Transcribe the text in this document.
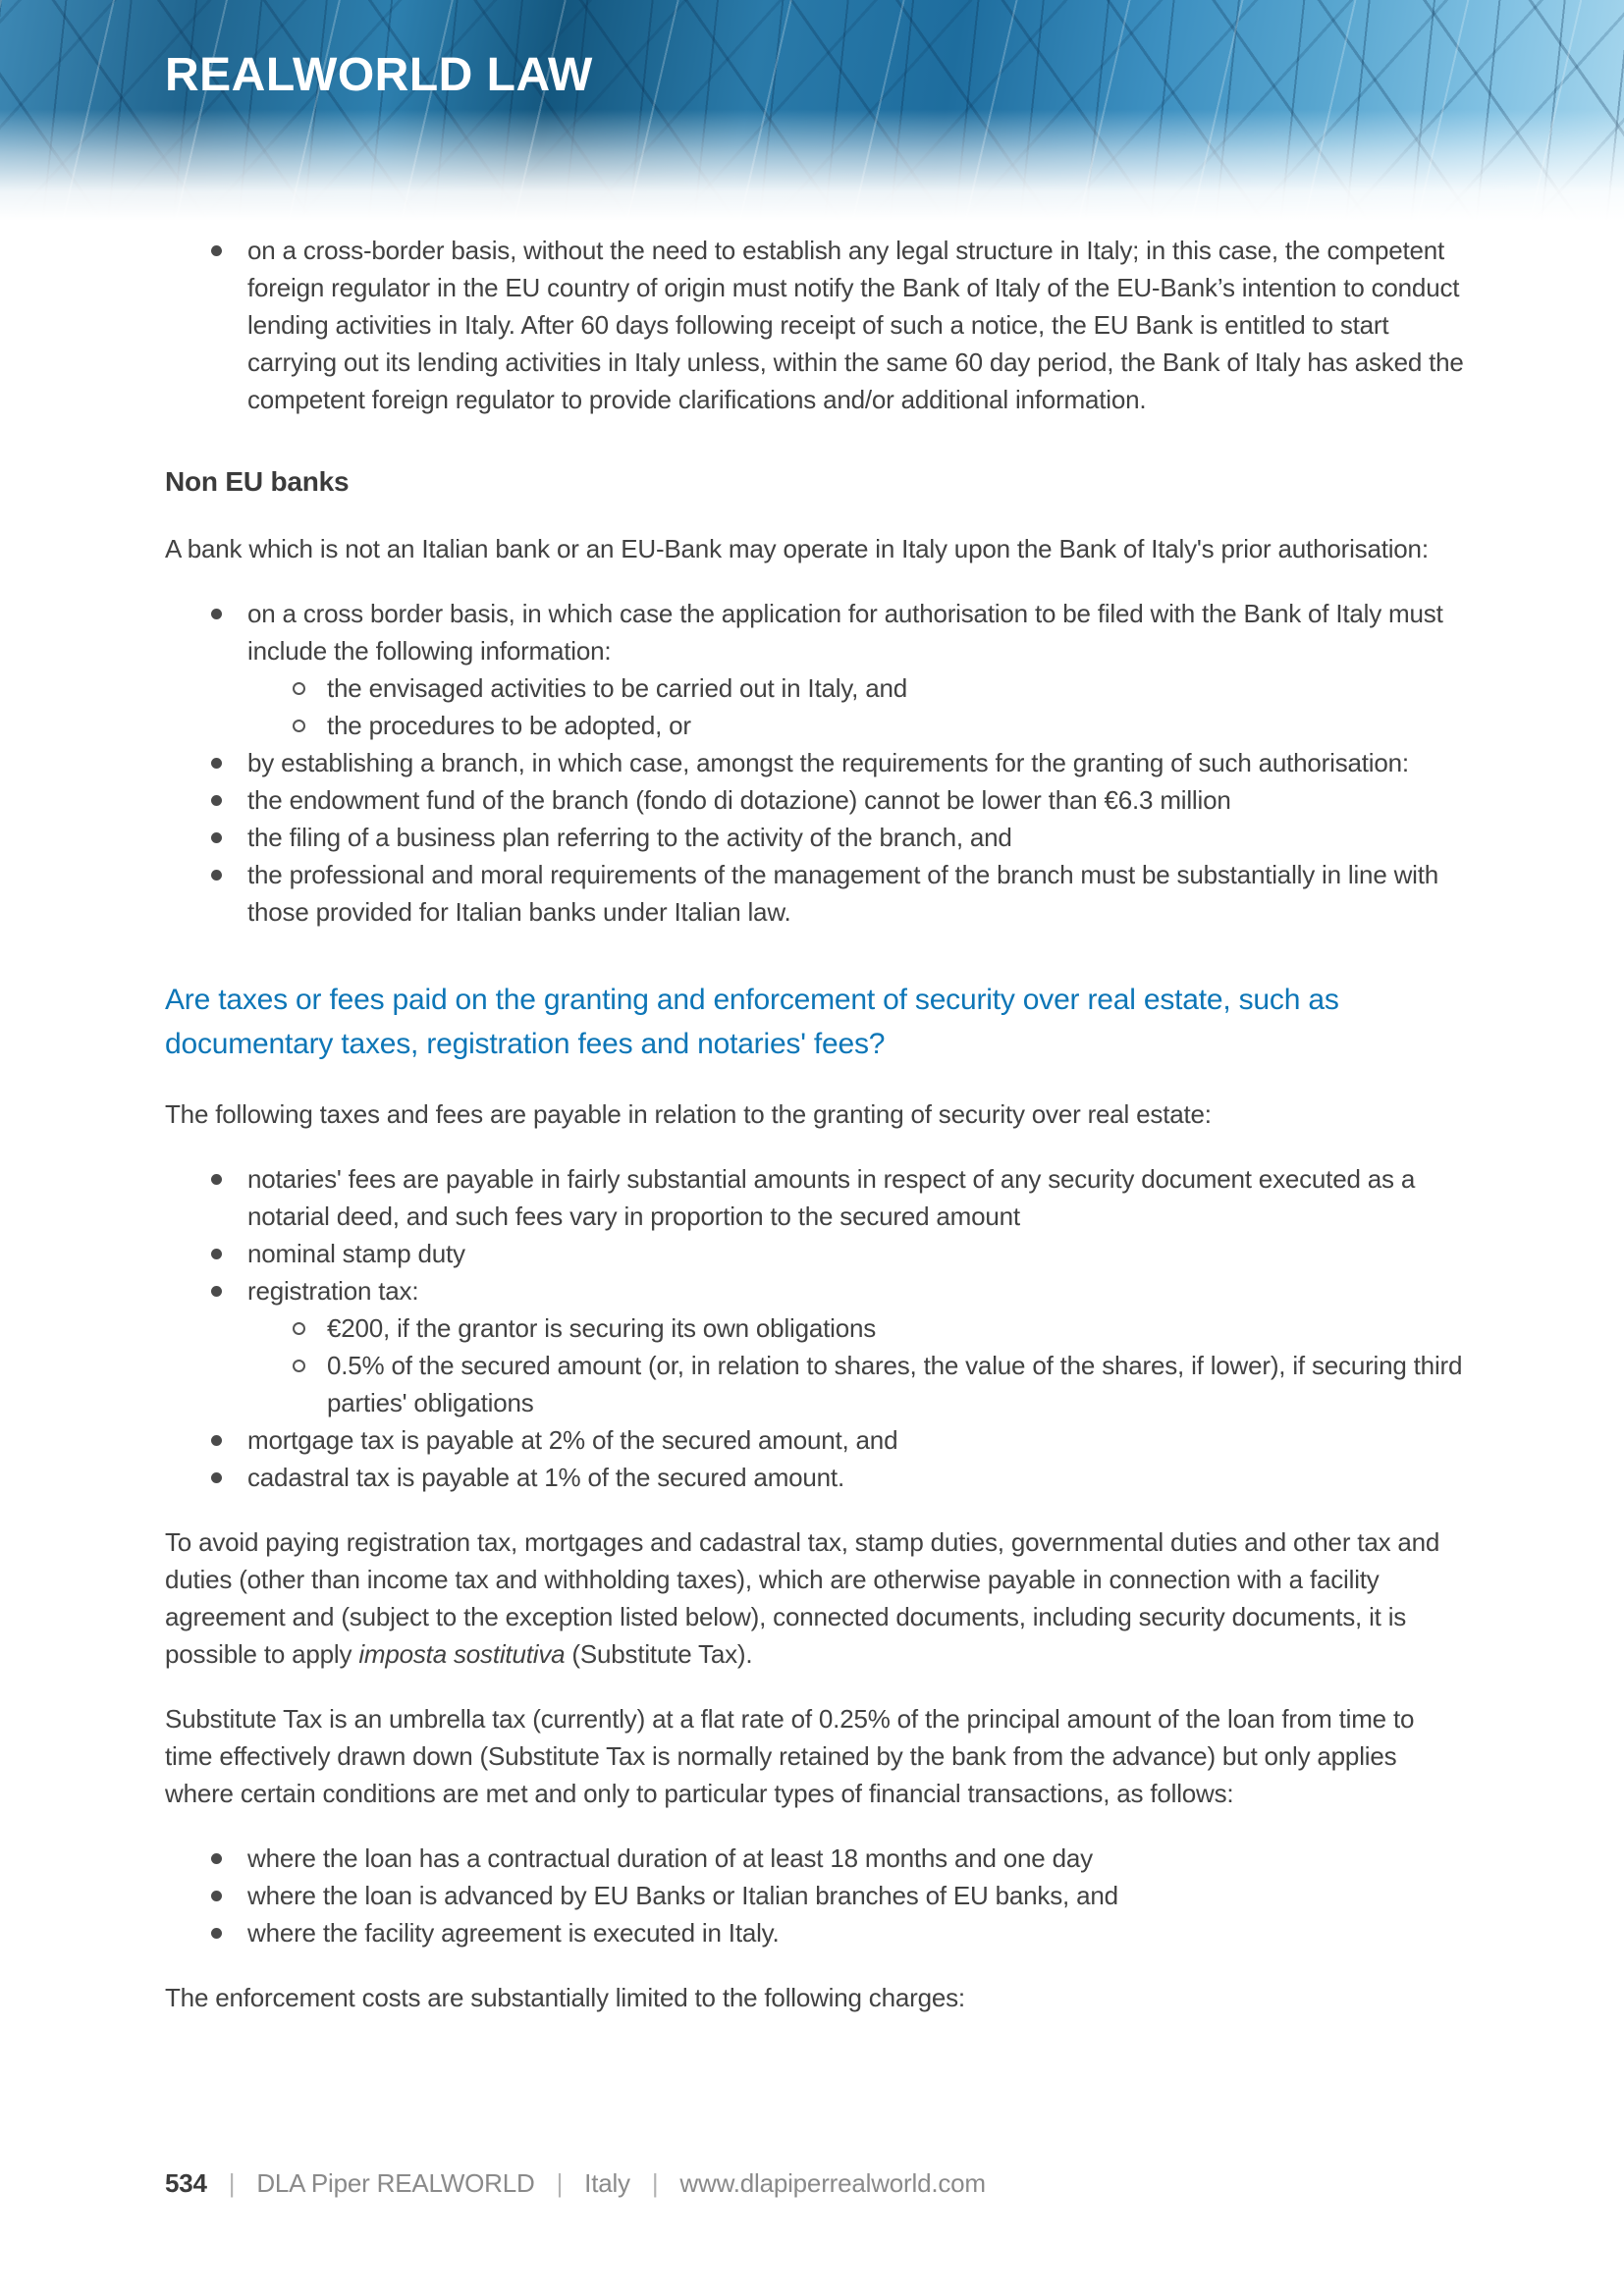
REALWORLD LAW
on a cross-border basis, without the need to establish any legal structure in Italy; in this case, the competent foreign regulator in the EU country of origin must notify the Bank of Italy of the EU-Bank’s intention to conduct lending activities in Italy. After 60 days following receipt of such a notice, the EU Bank is entitled to start carrying out its lending activities in Italy unless, within the same 60 day period, the Bank of Italy has asked the competent foreign regulator to provide clarifications and/or additional information.
Non EU banks

A bank which is not an Italian bank or an EU-Bank may operate in Italy upon the Bank of Italy's prior authorisation:

on a cross border basis, in which case the application for authorisation to be filed with the Bank of Italy must include the following information:
the envisaged activities to be carried out in Italy, and
the procedures to be adopted, or
by establishing a branch, in which case, amongst the requirements for the granting of such authorisation:
the endowment fund of the branch (fondo di dotazione) cannot be lower than €6.3 million
the filing of a business plan referring to the activity of the branch, and
the professional and moral requirements of the management of the branch must be substantially in line with those provided for Italian banks under Italian law.
Are taxes or fees paid on the granting and enforcement of security over real estate, such as documentary taxes, registration fees and notaries' fees?

The following taxes and fees are payable in relation to the granting of security over real estate:

notaries' fees are payable in fairly substantial amounts in respect of any security document executed as a notarial deed, and such fees vary in proportion to the secured amount
nominal stamp duty
registration tax:
€200, if the grantor is securing its own obligations
0.5% of the secured amount (or, in relation to shares, the value of the shares, if lower), if securing third parties' obligations
mortgage tax is payable at 2% of the secured amount, and
cadastral tax is payable at 1% of the secured amount.

To avoid paying registration tax, mortgages and cadastral tax, stamp duties, governmental duties and other tax and duties (other than income tax and withholding taxes), which are otherwise payable in connection with a facility agreement and (subject to the exception listed below), connected documents, including security documents, it is possible to apply imposta sostitutiva (Substitute Tax).

Substitute Tax is an umbrella tax (currently) at a flat rate of 0.25% of the principal amount of the loan from time to time effectively drawn down (Substitute Tax is normally retained by the bank from the advance) but only applies where certain conditions are met and only to particular types of financial transactions, as follows:

where the loan has a contractual duration of at least 18 months and one day
where the loan is advanced by EU Banks or Italian branches of EU banks, and
where the facility agreement is executed in Italy.

The enforcement costs are substantially limited to the following charges:

534 | DLA Piper REALWORLD | Italy | www.dlapiperrealworld.com
